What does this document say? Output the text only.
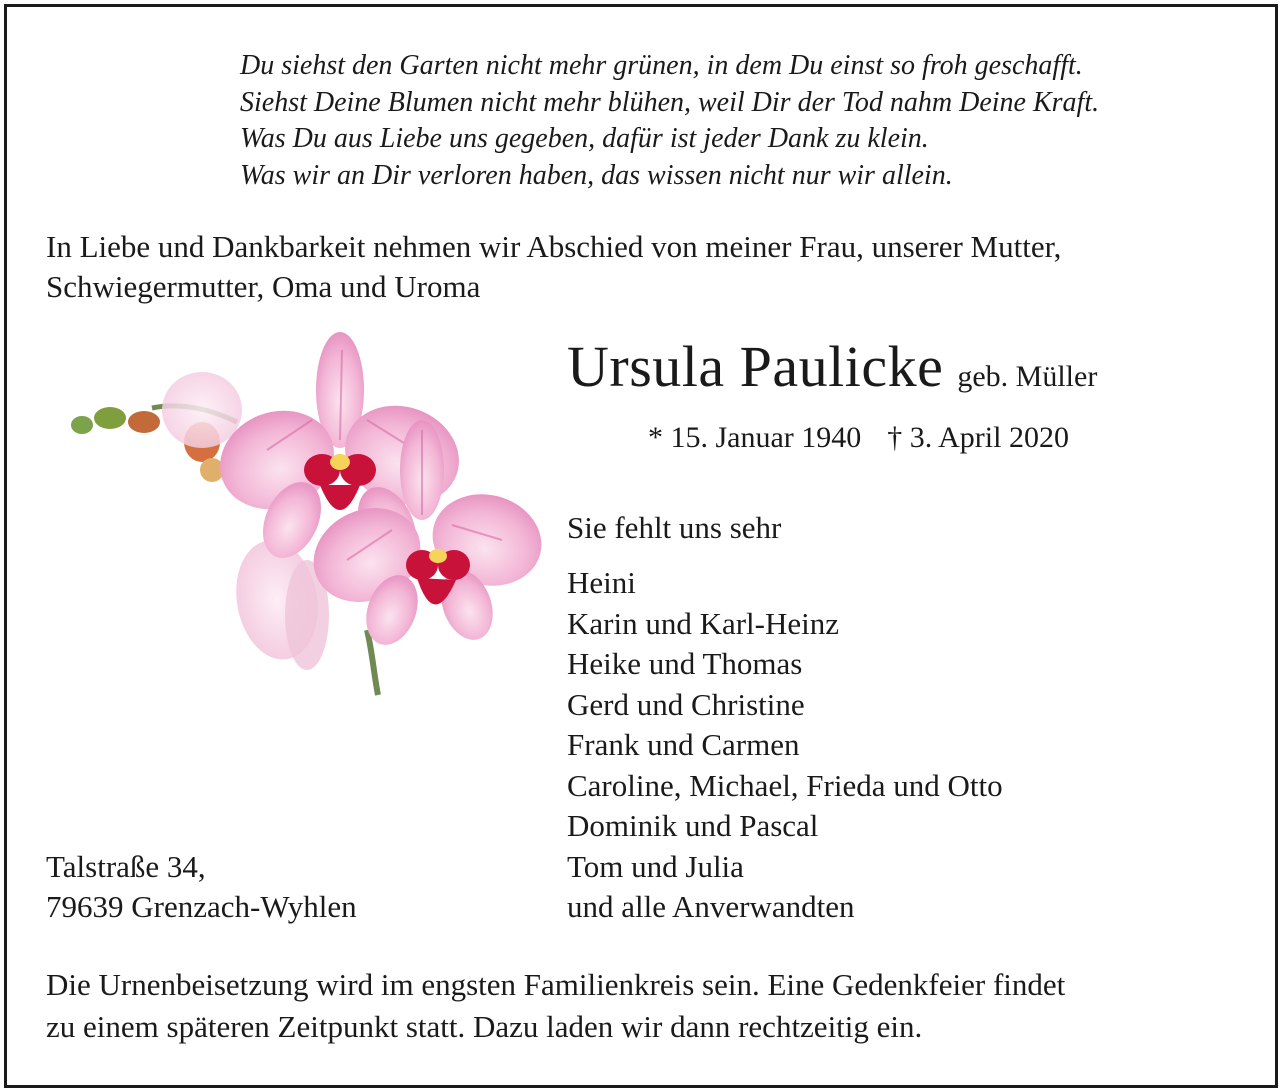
Du siehst den Garten nicht mehr grünen, in dem Du einst so froh geschafft.
Siehst Deine Blumen nicht mehr blühen, weil Dir der Tod nahm Deine Kraft.
Was Du aus Liebe uns gegeben, dafür ist jeder Dank zu klein.
Was wir an Dir verloren haben, das wissen nicht nur wir allein.
In Liebe und Dankbarkeit nehmen wir Abschied von meiner Frau, unserer Mutter,
Schwiegermutter, Oma und Uroma
Ursula Paulicke geb. Müller
* 15. Januar 1940 † 3. April 2020
Sie fehlt uns sehr
Heini
Karin und Karl-Heinz
Heike und Thomas
Gerd und Christine
Frank und Carmen
Caroline, Michael, Frieda und Otto
Dominik und Pascal
Tom und Julia
und alle Anverwandten
Talstraße 34,
79639 Grenzach-Wyhlen
Die Urnenbeisetzung wird im engsten Familienkreis sein. Eine Gedenkfeier findet
zu einem späteren Zeitpunkt statt. Dazu laden wir dann rechtzeitig ein.
